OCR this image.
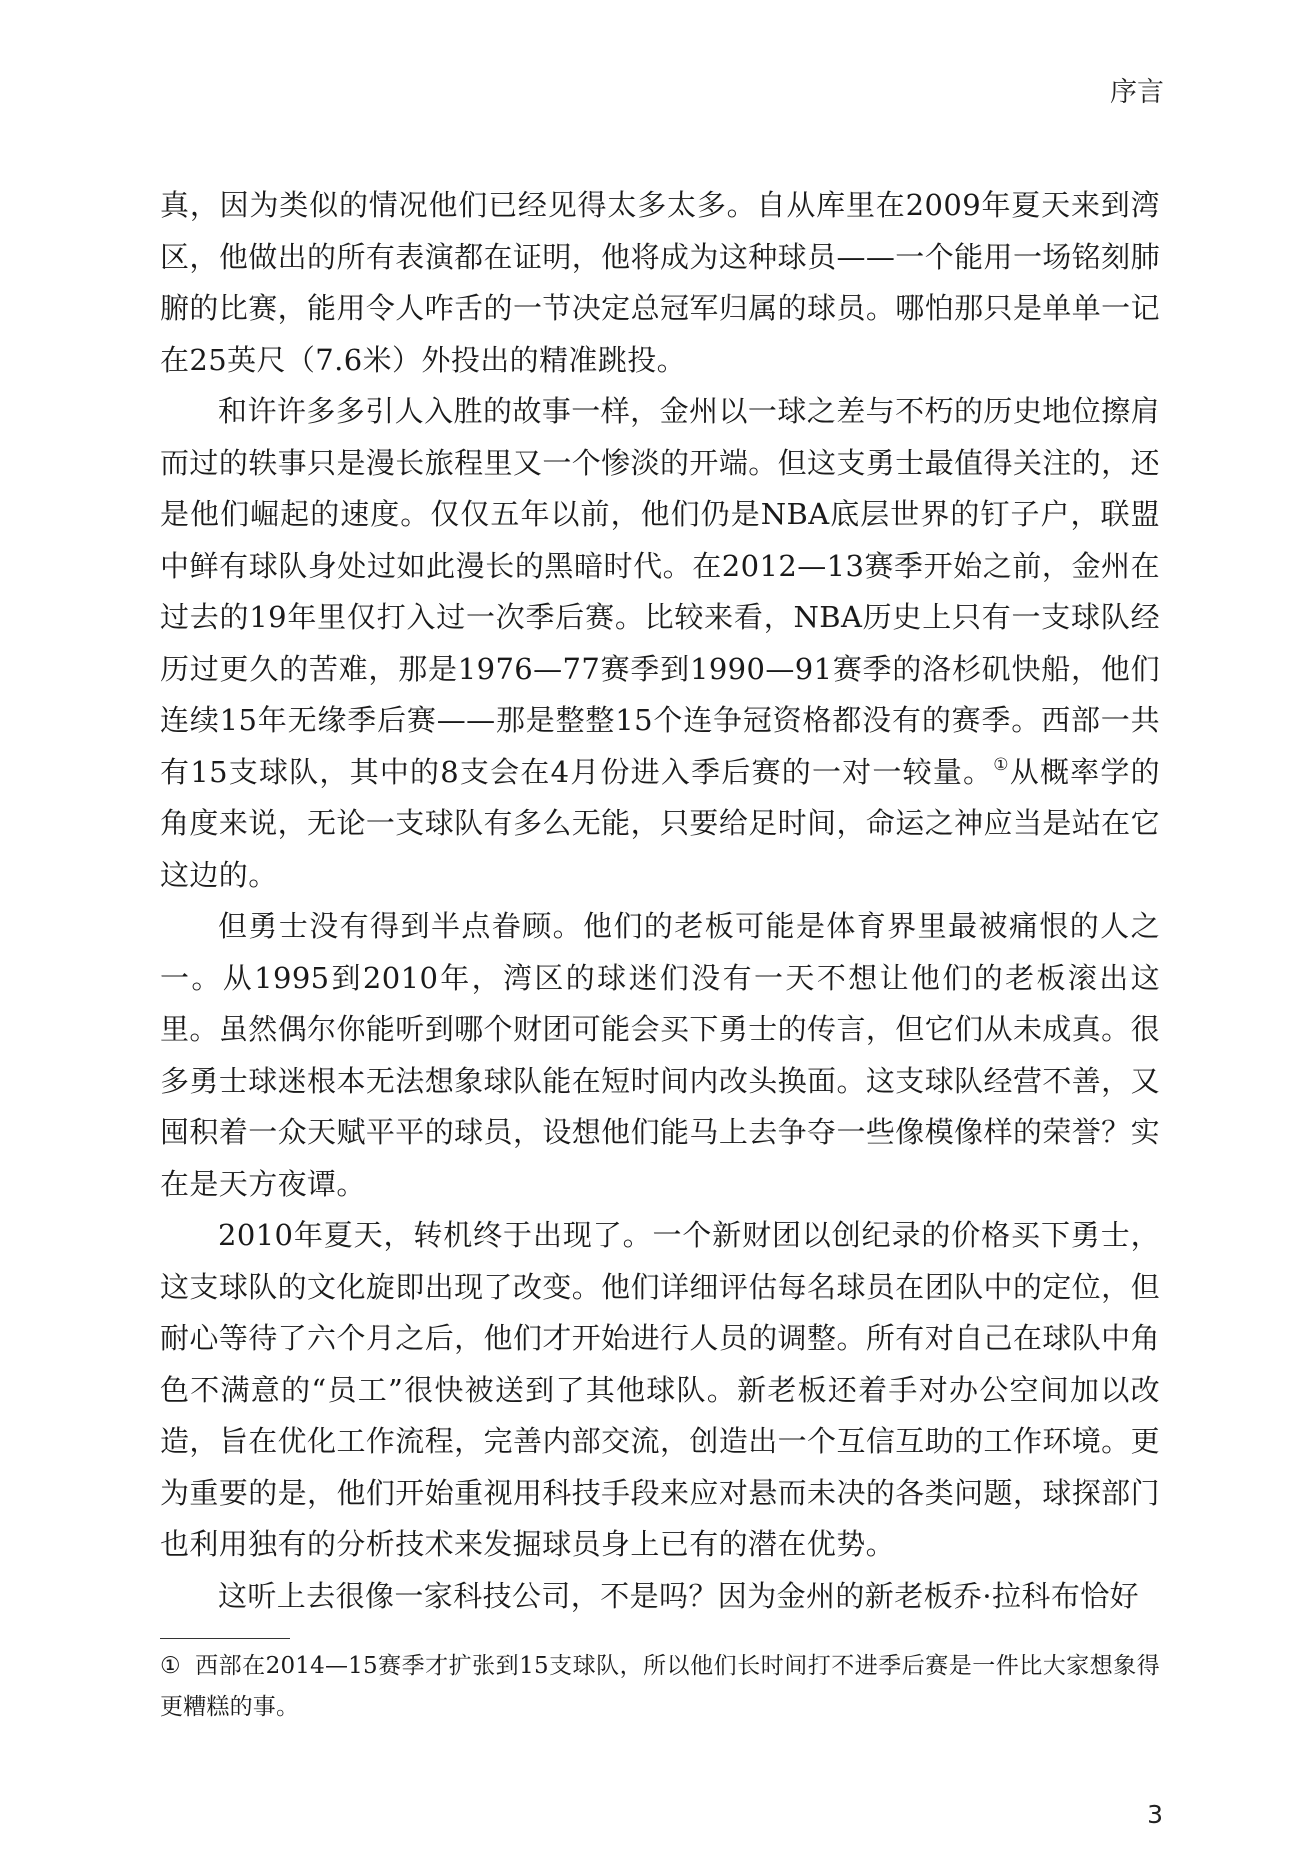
序言

真，因为类似的情况他们已经见得太多太多。自从库里在2009年夏天来到湾区，他做出的所有表演都在证明，他将成为这种球员——一个能用一场铭刻肺腑的比赛，能用令人咋舌的一节决定总冠军归属的球员。哪怕那只是单单一记在25英尺（7.6米）外投出的精准跳投。

和许许多多引人入胜的故事一样，金州以一球之差与不朽的历史地位擦肩而过的轶事只是漫长旅程里又一个惨淡的开端。但这支勇士最值得关注的，还是他们崛起的速度。仅仅五年以前，他们仍是NBA底层世界的钉子户，联盟中鲜有球队身处过如此漫长的黑暗时代。在2012—13赛季开始之前，金州在过去的19年里仅打入过一次季后赛。比较来看，NBA历史上只有一支球队经历过更久的苦难，那是1976—77赛季到1990—91赛季的洛杉矶快船，他们连续15年无缘季后赛——那是整整15个连争冠资格都没有的赛季。西部一共有15支球队，其中的8支会在4月份进入季后赛的一对一较量。①从概率学的角度来说，无论一支球队有多么无能，只要给足时间，命运之神应当是站在它这边的。

但勇士没有得到半点眷顾。他们的老板可能是体育界里最被痛恨的人之一。从1995到2010年，湾区的球迷们没有一天不想让他们的老板滚出这里。虽然偶尔你能听到哪个财团可能会买下勇士的传言，但它们从未成真。很多勇士球迷根本无法想象球队能在短时间内改头换面。这支球队经营不善，又囤积着一众天赋平平的球员，设想他们能马上去争夺一些像模像样的荣誉？实在是天方夜谭。

2010年夏天，转机终于出现了。一个新财团以创纪录的价格买下勇士，这支球队的文化旋即出现了改变。他们详细评估每名球员在团队中的定位，但耐心等待了六个月之后，他们才开始进行人员的调整。所有对自己在球队中角色不满意的“员工”很快被送到了其他球队。新老板还着手对办公空间加以改造，旨在优化工作流程，完善内部交流，创造出一个互信互助的工作环境。更为重要的是，他们开始重视用科技手段来应对悬而未决的各类问题，球探部门也利用独有的分析技术来发掘球员身上已有的潜在优势。

这听上去很像一家科技公司，不是吗？因为金州的新老板乔·拉科布恰好

① 西部在2014—15赛季才扩张到15支球队，所以他们长时间打不进季后赛是一件比大家想象得更糟糕的事。
3
